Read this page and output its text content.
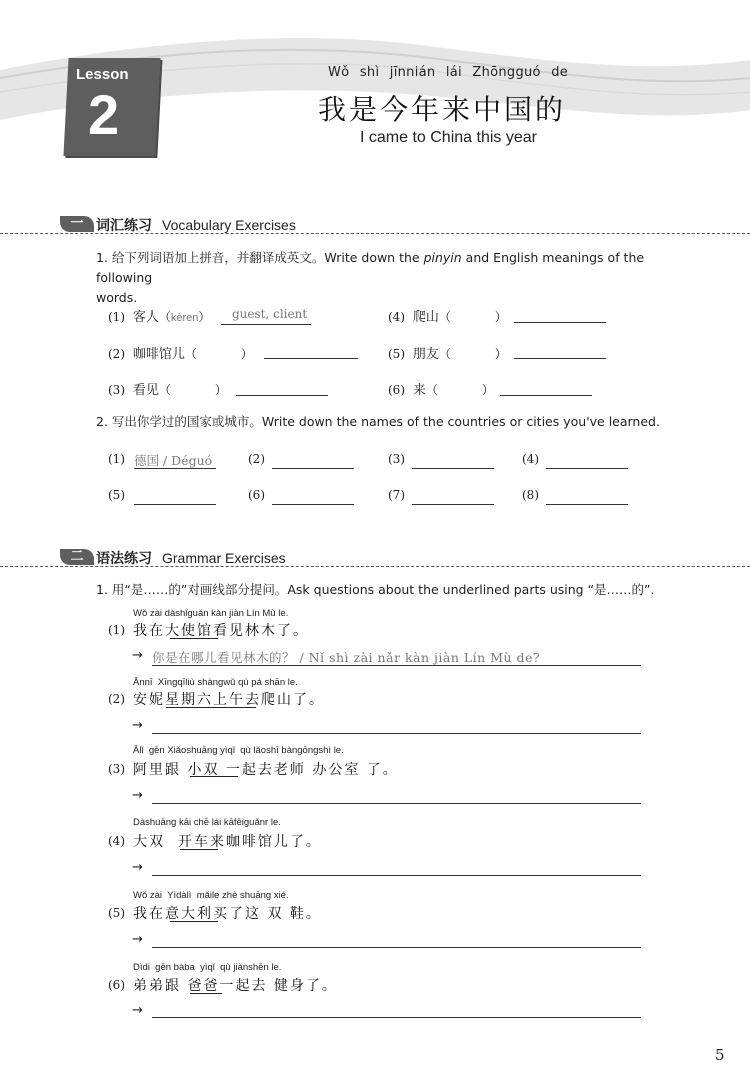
Lesson
2
Wǒ shì jīnnián lái Zhōngguó de
我是今年来中国的
I came to China this year
一 词汇练习 Vocabulary Exercises
1. 给下列词语加上拼音，并翻译成英文。Write down the pinyin and English meanings of the following
words.
(1) 客人（kèren） guest, client
(2) 咖啡馆儿（	）
(3) 看见（	）
(4) 爬山（	）
(5) 朋友（	）
(6) 来（	）
2. 写出你学过的国家或城市。Write down the names of the countries or cities you've learned.
(1) 德国 / Déguó	(2)	(3)	(4)
(5)	(6)	(7)	(8)
二 语法练习 Grammar Exercises
1. 用“是……的”对画线部分提问。Ask questions about the underlined parts using “是……的”.
Wǒ zài dàshǐguǎn kàn jiàn Lín Mù le.
(1) 我在大使馆看见林木了。
→ 你是在哪儿看见林木的？ / Nǐ shì zài nǎr kàn jiàn Lín Mù de?
Ānnī  Xīngqīliù shàngwǔ qù pá shān le.
(2) 安妮星期六上午去爬山了。
→
Ālǐ  gēn Xiǎoshuāng yìqǐ  qù lǎoshī bàngōngshì le.
(3) 阿里跟 小双 一起去老师 办公室 了。
→
Dàshuāng kāi chē lái kāfēiguǎnr le.
(4) 大双  开车来咖啡馆儿了。
→
Wǒ zài  Yìdàlì  mǎile zhè shuāng xié.
(5) 我在意大利买了这 双 鞋。
→
Dìdi  gēn bàba  yìqǐ  qù jiànshēn le.
(6) 弟弟跟 爸爸一起去 健身了。
→
5
